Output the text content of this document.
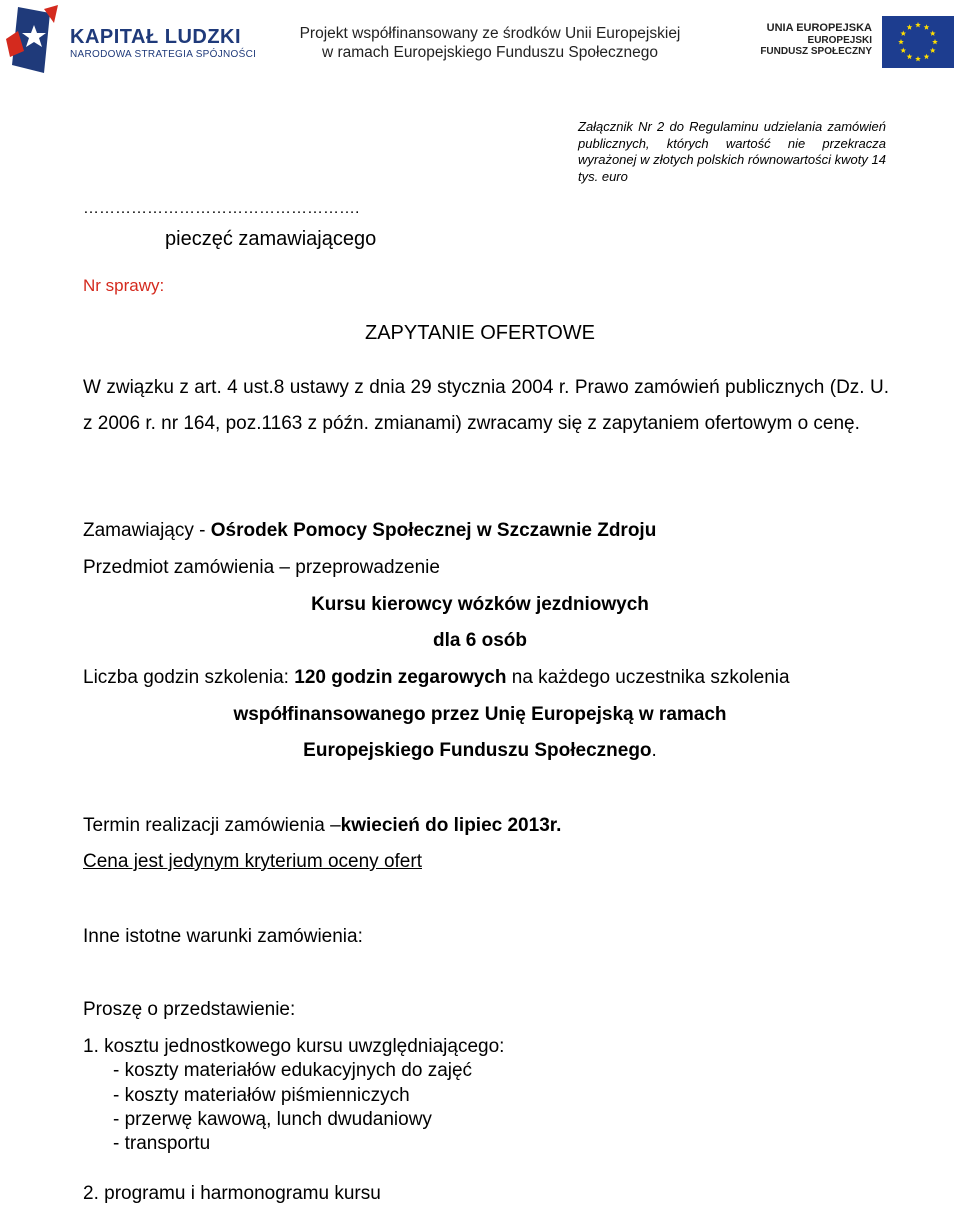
KAPITAŁ LUDZKI
NARODOWA STRATEGIA SPÓJNOŚCI
Projekt współfinansowany ze środków Unii Europejskiej
w ramach Europejskiego Funduszu Społecznego
UNIA EUROPEJSKA
EUROPEJSKI
FUNDUSZ SPOŁECZNY
Załącznik Nr 2 do Regulaminu udzielania zamówień publicznych, których wartość nie przekracza wyrażonej w złotych polskich równowartości kwoty 14 tys. euro
…………………………………………….
pieczęć zamawiającego
Nr sprawy:
ZAPYTANIE OFERTOWE
W związku z art. 4 ust.8 ustawy z dnia 29 stycznia 2004 r. Prawo zamówień publicznych (Dz. U. z 2006 r. nr 164, poz.1163 z późn. zmianami) zwracamy się z zapytaniem ofertowym o cenę.
Zamawiający - Ośrodek Pomocy Społecznej w Szczawnie Zdroju
Przedmiot zamówienia – przeprowadzenie
Kursu kierowcy wózków jezdniowych
dla 6 osób
Liczba godzin szkolenia: 120 godzin zegarowych na każdego uczestnika szkolenia
współfinansowanego przez Unię Europejską w ramach
Europejskiego Funduszu Społecznego.
Termin realizacji zamówienia –kwiecień do lipiec 2013r.
Cena jest jedynym kryterium oceny ofert
Inne istotne warunki zamówienia:
Proszę o przedstawienie:
1. kosztu jednostkowego kursu uwzględniającego:
- koszty materiałów edukacyjnych do zajęć
- koszty materiałów piśmienniczych
- przerwę kawową, lunch dwudaniowy
- transportu
2. programu i harmonogramu kursu
